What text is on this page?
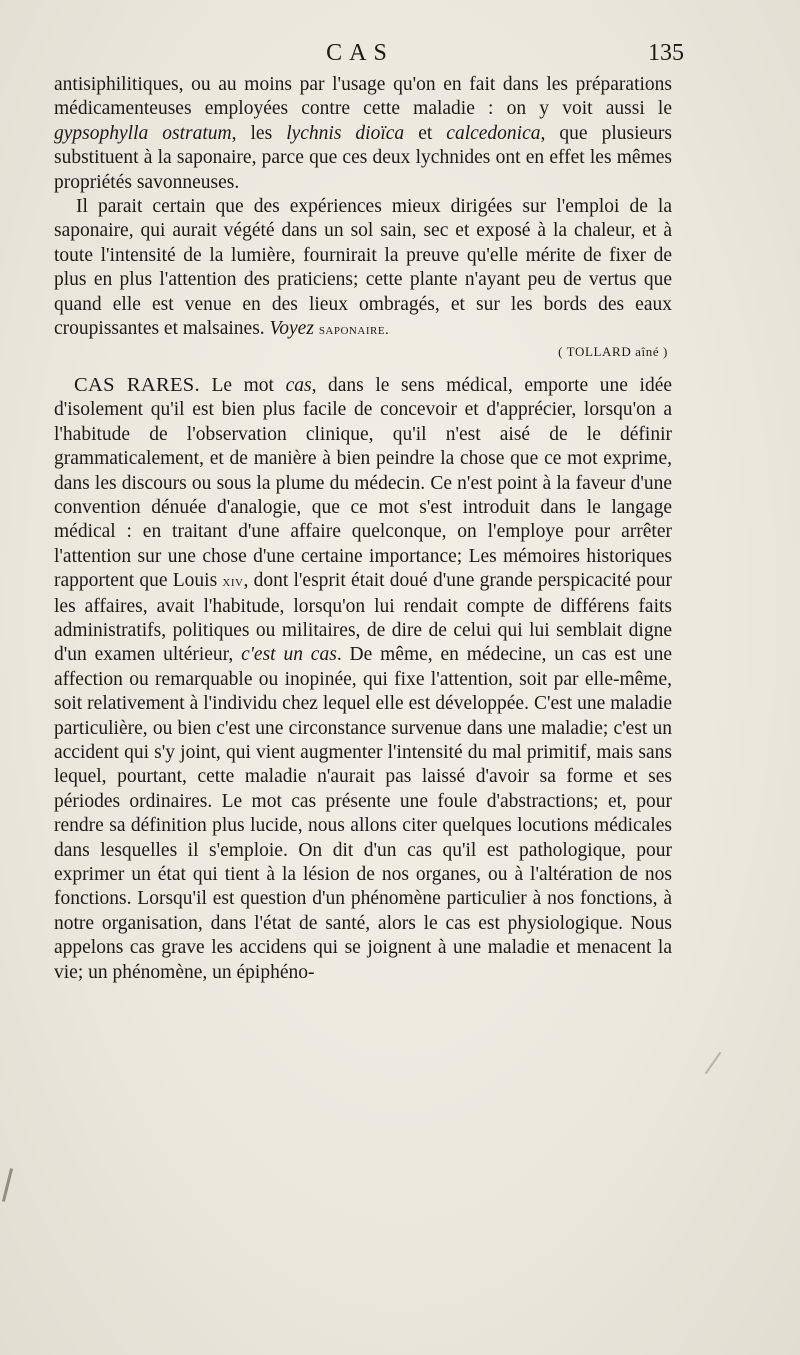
CAS	135

antisiphilitiques, ou au moins par l'usage qu'on en fait dans les préparations médicamenteuses employées contre cette maladie : on y voit aussi le gypsophylla ostratum, les lychnis dioïca et calcedonica, que plusieurs substituent à la saponaire, parce que ces deux lychnides ont en effet les mêmes propriétés savonneuses.

Il parait certain que des expériences mieux dirigées sur l'emploi de la saponaire, qui aurait végété dans un sol sain, sec et exposé à la chaleur, et à toute l'intensité de la lumière, fournirait la preuve qu'elle mérite de fixer de plus en plus l'attention des praticiens; cette plante n'ayant peu de vertus que quand elle est venue en des lieux ombragés, et sur les bords des eaux croupissantes et malsaines. Voyez saponaire.

( TOLLARD aîné )

CAS RARES. Le mot cas, dans le sens médical, emporte une idée d'isolement qu'il est bien plus facile de concevoir et d'apprécier, lorsqu'on a l'habitude de l'observation clinique, qu'il n'est aisé de le définir grammaticalement, et de manière à bien peindre la chose que ce mot exprime, dans les discours ou sous la plume du médecin. Ce n'est point à la faveur d'une convention dénuée d'analogie, que ce mot s'est introduit dans le langage médical : en traitant d'une affaire quelconque, on l'employe pour arrêter l'attention sur une chose d'une certaine importance; Les mémoires historiques rapportent que Louis xiv, dont l'esprit était doué d'une grande perspicacité pour les affaires, avait l'habitude, lorsqu'on lui rendait compte de différens faits administratifs, politiques ou militaires, de dire de celui qui lui semblait digne d'un examen ultérieur, c'est un cas. De même, en médecine, un cas est une affection ou remarquable ou inopinée, qui fixe l'attention, soit par elle-même, soit relativement à l'individu chez lequel elle est développée. C'est une maladie particulière, ou bien c'est une circonstance survenue dans une maladie; c'est un accident qui s'y joint, qui vient augmenter l'intensité du mal primitif, mais sans lequel, pourtant, cette maladie n'aurait pas laissé d'avoir sa forme et ses périodes ordinaires. Le mot cas présente une foule d'abstractions; et, pour rendre sa définition plus lucide, nous allons citer quelques locutions médicales dans lesquelles il s'emploie. On dit d'un cas qu'il est pathologique, pour exprimer un état qui tient à la lésion de nos organes, ou à l'altération de nos fonctions. Lorsqu'il est question d'un phénomène particulier à nos fonctions, à notre organisation, dans l'état de santé, alors le cas est physiologique. Nous appelons cas grave les accidens qui se joignent à une maladie et menacent la vie; un phénomène, un épiphéno-
